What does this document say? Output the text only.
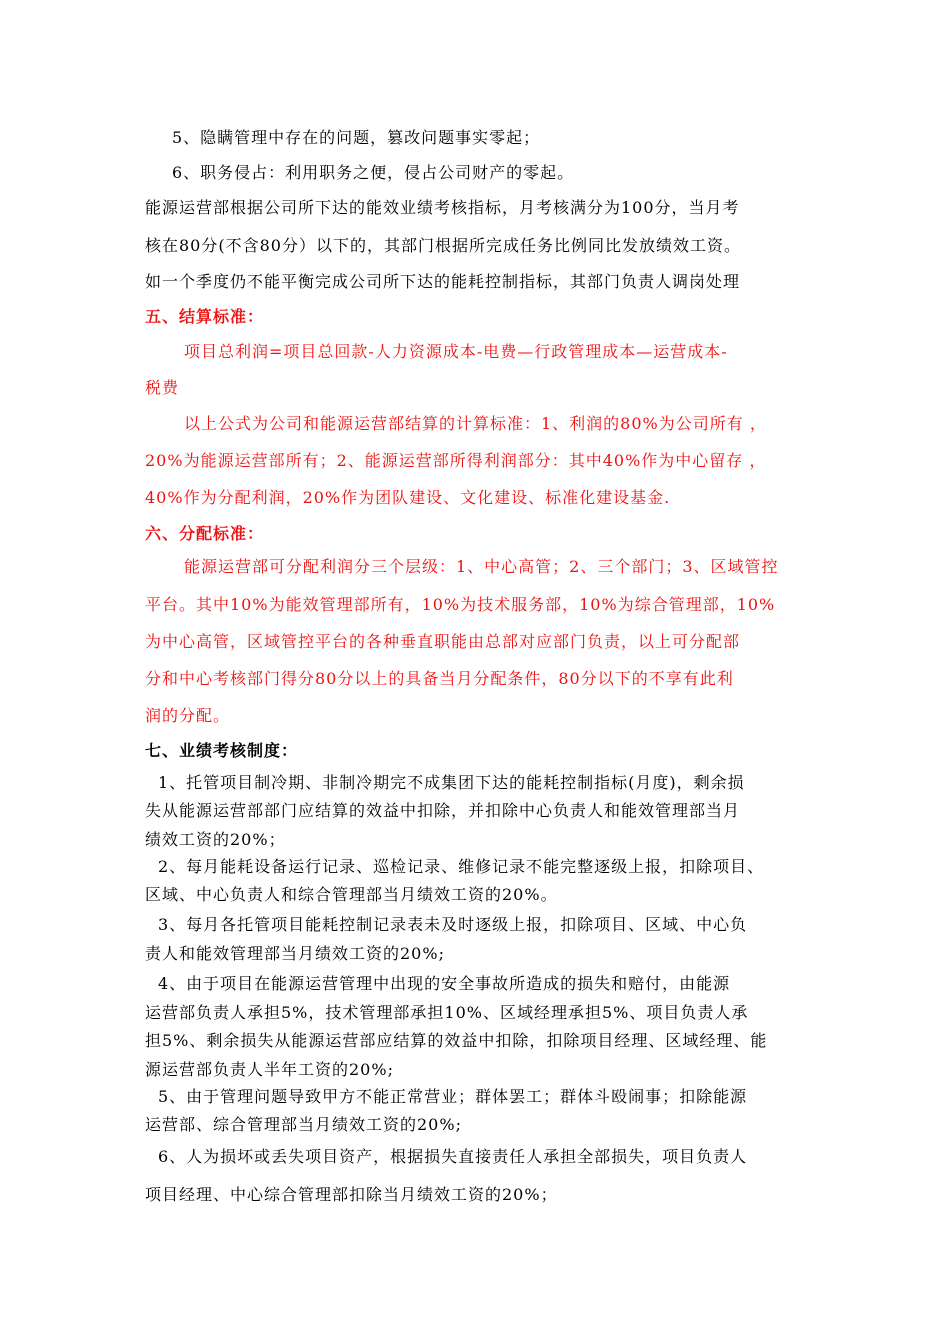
5、隐瞒管理中存在的问题，篡改问题事实零起；
6、职务侵占：利用职务之便，侵占公司财产的零起。
能源运营部根据公司所下达的能效业绩考核指标，月考核满分为100分，当月考
核在80分(不含80分）以下的，其部门根据所完成任务比例同比发放绩效工资。
如一个季度仍不能平衡完成公司所下达的能耗控制指标，其部门负责人调岗处理
五、结算标准：
项目总利润=项目总回款-人力资源成本-电费—行政管理成本—运营成本-
税费
以上公式为公司和能源运营部结算的计算标准：1、利润的80%为公司所有 ，
20%为能源运营部所有；2、能源运营部所得利润部分：其中40%作为中心留存 ，
40%作为分配利润，20%作为团队建设、文化建设、标准化建设基金.
六、分配标准：
能源运营部可分配利润分三个层级：1、中心高管；2、三个部门；3、区域管控
平台。其中10%为能效管理部所有，10%为技术服务部，10%为综合管理部，10%
为中心高管，区域管控平台的各种垂直职能由总部对应部门负责，以上可分配部
分和中心考核部门得分80分以上的具备当月分配条件，80分以下的不享有此利
润的分配。
七、业绩考核制度：
1、托管项目制冷期、非制冷期完不成集团下达的能耗控制指标(月度)，剩余损
失从能源运营部部门应结算的效益中扣除，并扣除中心负责人和能效管理部当月
绩效工资的20%；
2、每月能耗设备运行记录、巡检记录、维修记录不能完整逐级上报，扣除项目、
区域、中心负责人和综合管理部当月绩效工资的20%。
3、每月各托管项目能耗控制记录表未及时逐级上报，扣除项目、区域、中心负
责人和能效管理部当月绩效工资的20%;
4、由于项目在能源运营管理中出现的安全事故所造成的损失和赔付，由能源
运营部负责人承担5%，技术管理部承担10%、区域经理承担5%、项目负责人承
担5%、剩余损失从能源运营部应结算的效益中扣除，扣除项目经理、区域经理、能
源运营部负责人半年工资的20%;
5、由于管理问题导致甲方不能正常营业；群体罢工；群体斗殴闹事；扣除能源
运营部、综合管理部当月绩效工资的20%;
6、人为损坏或丢失项目资产，根据损失直接责任人承担全部损失，项目负责人
项目经理、中心综合管理部扣除当月绩效工资的20%；
